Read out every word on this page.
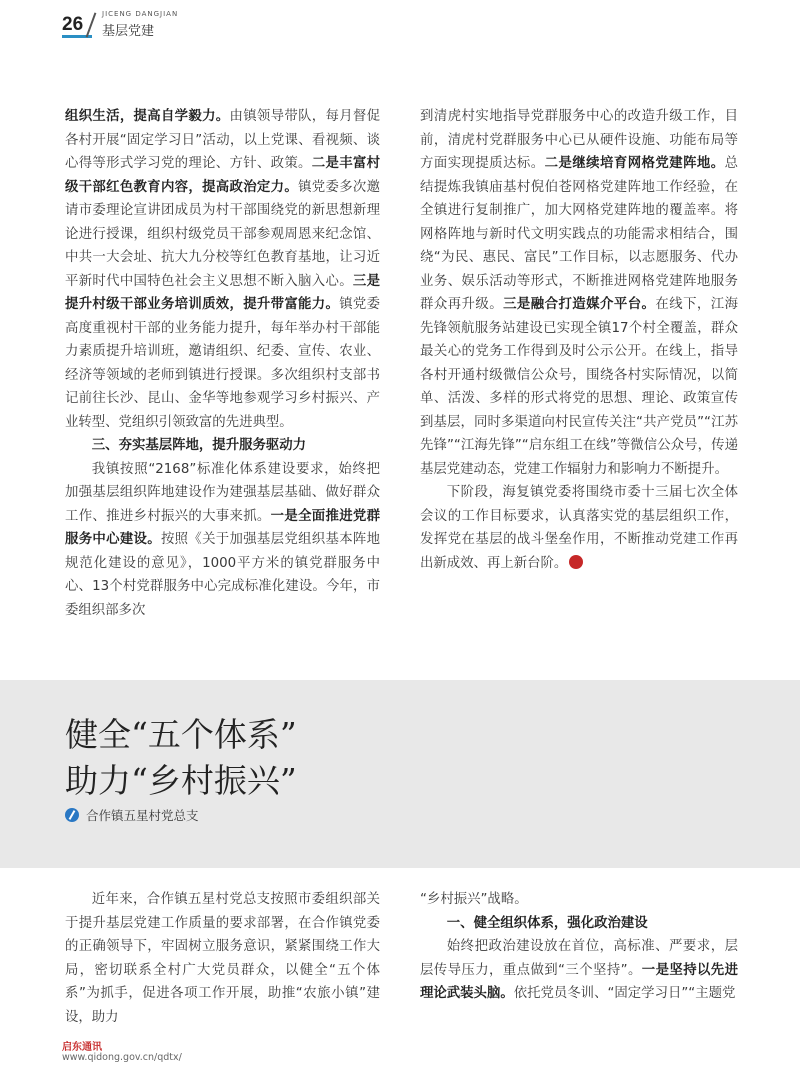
26	JICENG DANGJIAN
基层党建

组织生活，提高自学毅力。由镇领导带队，每月督促各村开展“固定学习日”活动，以上党课、看视频、谈心得等形式学习党的理论、方针、政策。二是丰富村级干部红色教育内容，提高政治定力。镇党委多次邀请市委理论宣讲团成员为村干部围绕党的新思想新理论进行授课，组织村级党员干部参观周恩来纪念馆、中共一大会址、抗大九分校等红色教育基地，让习近平新时代中国特色社会主义思想不断入脑入心。三是提升村级干部业务培训质效，提升带富能力。镇党委高度重视村干部的业务能力提升，每年举办村干部能力素质提升培训班，邀请组织、纪委、宣传、农业、经济等领域的老师到镇进行授课。多次组织村支部书记前往长沙、昆山、金华等地参观学习乡村振兴、产业转型、党组织引领致富的先进典型。

三、夯实基层阵地，提升服务驱动力

我镇按照“2168”标准化体系建设要求，始终把加强基层组织阵地建设作为建强基层基础、做好群众工作、推进乡村振兴的大事来抓。一是全面推进党群服务中心建设。按照《关于加强基层党组织基本阵地规范化建设的意见》，1000平方米的镇党群服务中心、13个村党群服务中心完成标准化建设。今年，市委组织部多次

到清虎村实地指导党群服务中心的改造升级工作，目前，清虎村党群服务中心已从硬件设施、功能布局等方面实现提质达标。二是继续培育网格党建阵地。总结提炼我镇庙基村倪伯苍网格党建阵地工作经验，在全镇进行复制推广，加大网格党建阵地的覆盖率。将网格阵地与新时代文明实践点的功能需求相结合，围绕“为民、惠民、富民”工作目标，以志愿服务、代办业务、娱乐活动等形式，不断推进网格党建阵地服务群众再升级。三是融合打造媒介平台。在线下，江海先锋领航服务站建设已实现全镇17个村全覆盖，群众最关心的党务工作得到及时公示公开。在线上，指导各村开通村级微信公众号，围绕各村实际情况，以简单、活泼、多样的形式将党的思想、理论、政策宣传到基层，同时多渠道向村民宣传关注“共产党员”“江苏先锋”“江海先锋”“启东组工在线”等微信公众号，传递基层党建动态，党建工作辐射力和影响力不断提升。

下阶段，海复镇党委将围绕市委十三届七次全体会议的工作目标要求，认真落实党的基层组织工作，发挥党在基层的战斗堡垒作用，不断推动党建工作再出新成效、再上新台阶。

健全“五个体系”
助力“乡村振兴”
合作镇五星村党总支

近年来，合作镇五星村党总支按照市委组织部关于提升基层党建工作质量的要求部署，在合作镇党委的正确领导下，牢固树立服务意识，紧紧围绕工作大局，密切联系全村广大党员群众，以健全“五个体系”为抓手，促进各项工作开展，助推“农旅小镇”建设，助力

“乡村振兴”战略。

一、健全组织体系，强化政治建设

始终把政治建设放在首位，高标准、严要求，层层传导压力，重点做到“三个坚持”。一是坚持以先进理论武装头脑。依托党员冬训、“固定学习日”“主题党

启东通讯
www.qidong.gov.cn/qdtx/
